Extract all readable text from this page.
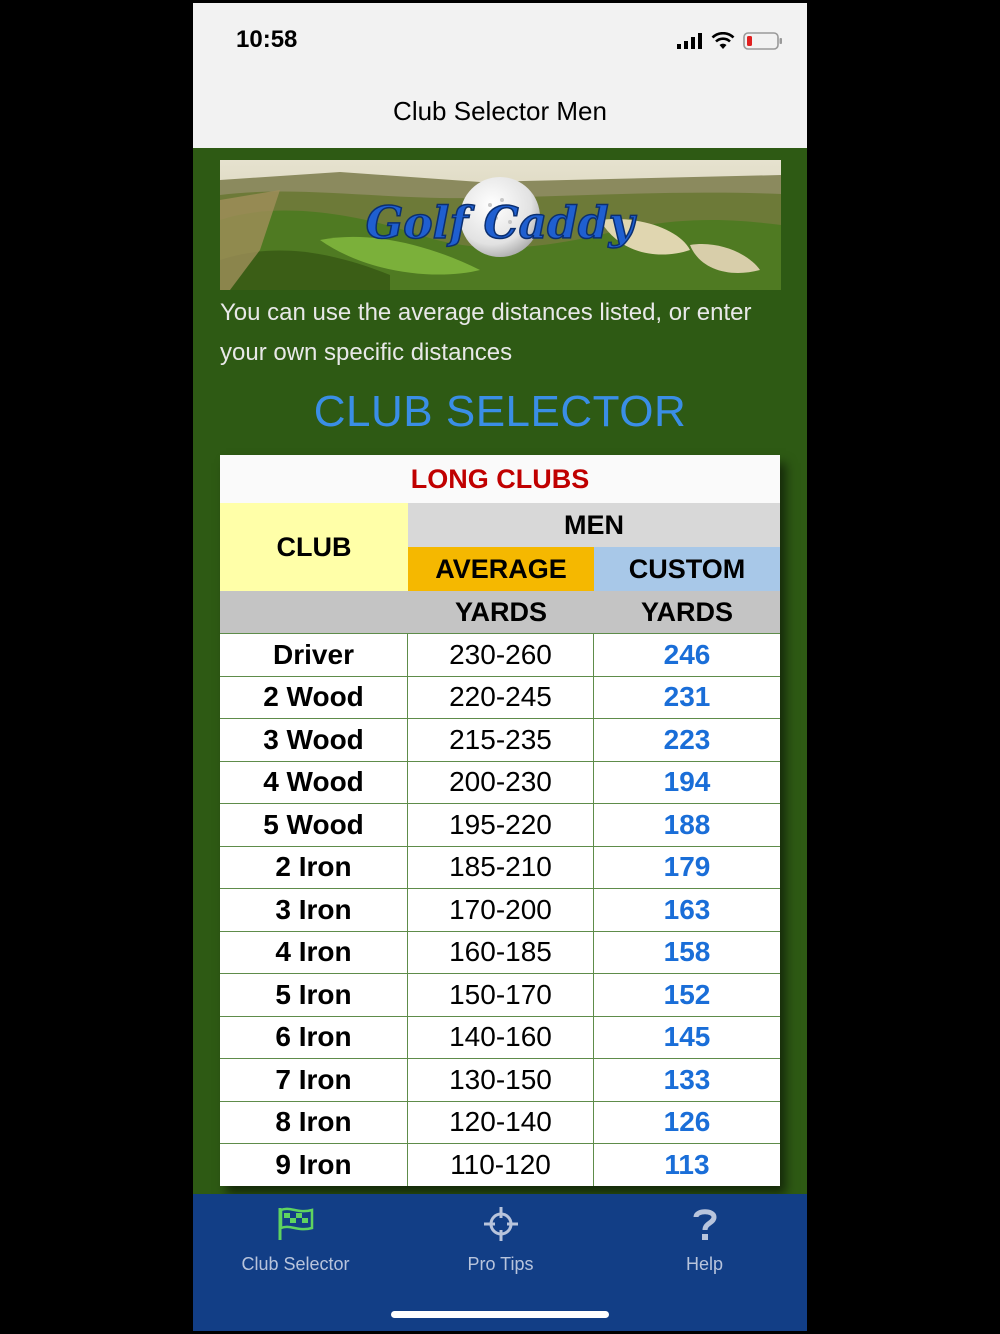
10:58
Club Selector Men
Golf Caddy
You can use the average distances listed, or enter your own specific distances
CLUB SELECTOR
LONG CLUBS
CLUB
MEN
AVERAGE	CUSTOM
YARDS	YARDS
Driver	230-260	246
2 Wood	220-245	231
3 Wood	215-235	223
4 Wood	200-230	194
5 Wood	195-220	188
2 Iron	185-210	179
3 Iron	170-200	163
4 Iron	160-185	158
5 Iron	150-170	152
6 Iron	140-160	145
7 Iron	130-150	133
8 Iron	120-140	126
9 Iron	110-120	113
Club Selector	Pro Tips	Help
